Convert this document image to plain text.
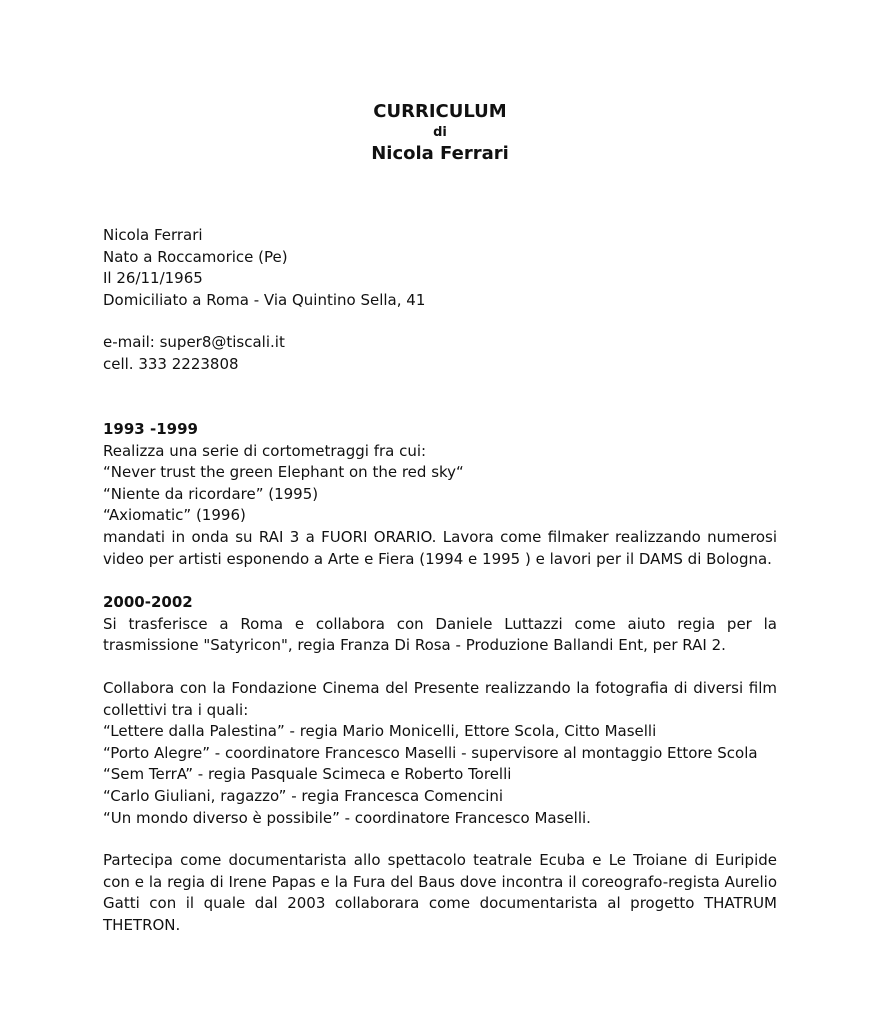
CURRICULUM
di
Nicola Ferrari
Nicola Ferrari
Nato a Roccamorice (Pe)
Il 26/11/1965
Domiciliato a Roma - Via Quintino Sella, 41
e-mail: super8@tiscali.it
cell. 333 2223808
1993 -1999
Realizza una serie di cortometraggi fra cui:
“Never trust the green Elephant on the red sky“
“Niente da ricordare” (1995)
“Axiomatic” (1996)

mandati in onda su RAI 3 a FUORI ORARIO. Lavora come filmaker realizzando numerosi video per artisti esponendo a Arte e Fiera (1994 e 1995 ) e lavori per il DAMS di Bologna.

2000-2002

Si trasferisce a Roma e collabora con Daniele Luttazzi come aiuto regia per la trasmissione "Satyricon", regia Franza Di Rosa - Produzione Ballandi Ent, per RAI 2.

Collabora con la Fondazione Cinema del Presente realizzando la fotografia di diversi film collettivi tra i quali:

“Lettere dalla Palestina” - regia Mario Monicelli, Ettore Scola, Citto Maselli
“Porto Alegre” - coordinatore Francesco Maselli - supervisore al montaggio Ettore Scola
“Sem TerrA” - regia Pasquale Scimeca e Roberto Torelli
“Carlo Giuliani, ragazzo” - regia Francesca Comencini
“Un mondo diverso è possibile” - coordinatore Francesco Maselli.

Partecipa come documentarista allo spettacolo teatrale Ecuba e Le Troiane di Euripide con e la regia di Irene Papas e la Fura del Baus dove incontra il coreografo-regista Aurelio Gatti con il quale dal 2003 collaborara come documentarista al progetto THATRUM THETRON.
